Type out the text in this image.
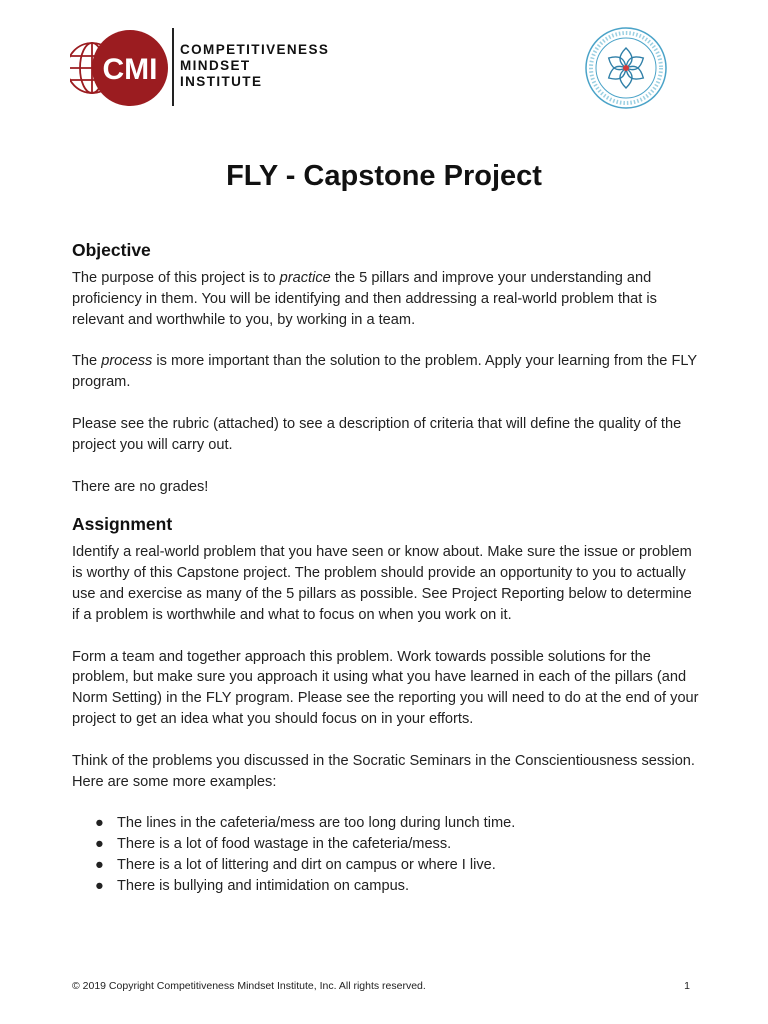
CMI
COMPETITIVENESS
MINDSET
INSTITUTE
FLY - Capstone Project
Objective

The purpose of this project is to practice the 5 pillars and improve your understanding and proficiency in them. You will be identifying and then addressing a real-world problem that is relevant and worthwhile to you, by working in a team.

The process is more important than the solution to the problem. Apply your learning from the FLY program.

Please see the rubric (attached) to see a description of criteria that will define the quality of the project you will carry out.

There are no grades!

Assignment

Identify a real-world problem that you have seen or know about. Make sure the issue or problem is worthy of this Capstone project. The problem should provide an opportunity to you to actually use and exercise as many of the 5 pillars as possible. See Project Reporting below to determine if a problem is worthwhile and what to focus on when you work on it.

Form a team and together approach this problem. Work towards possible solutions for the problem, but make sure you approach it using what you have learned in each of the pillars (and Norm Setting) in the FLY program. Please see the reporting you will need to do at the end of your project to get an idea what you should focus on in your efforts.

Think of the problems you discussed in the Socratic Seminars in the Conscientiousness session. Here are some more examples:

● The lines in the cafeteria/mess are too long during lunch time.
● There is a lot of food wastage in the cafeteria/mess.
● There is a lot of littering and dirt on campus or where I live.
● There is bullying and intimidation on campus.
© 2019 Copyright Competitiveness Mindset Institute, Inc. All rights reserved.	1
